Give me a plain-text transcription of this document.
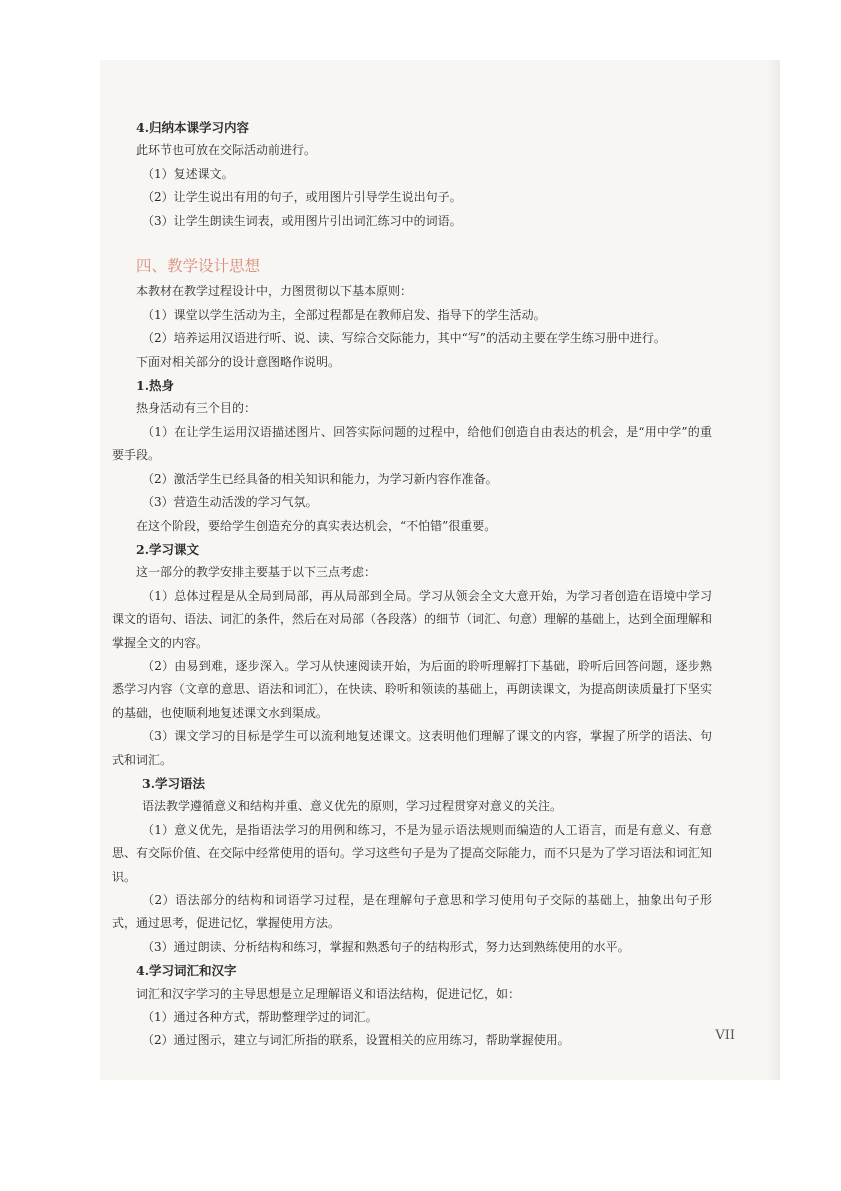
4.归纳本课学习内容

此环节也可放在交际活动前进行。

（1）复述课文。

（2）让学生说出有用的句子，或用图片引导学生说出句子。

（3）让学生朗读生词表，或用图片引出词汇练习中的词语。

四、教学设计思想

本教材在教学过程设计中，力图贯彻以下基本原则：

（1）课堂以学生活动为主，全部过程都是在教师启发、指导下的学生活动。

（2）培养运用汉语进行听、说、读、写综合交际能力，其中“写”的活动主要在学生练习册中进行。

下面对相关部分的设计意图略作说明。

1.热身

热身活动有三个目的：

（1）在让学生运用汉语描述图片、回答实际问题的过程中，给他们创造自由表达的机会，是“用中学”的重要手段。

（2）激活学生已经具备的相关知识和能力，为学习新内容作准备。

（3）营造生动活泼的学习气氛。

在这个阶段，要给学生创造充分的真实表达机会，“不怕错”很重要。

2.学习课文

这一部分的教学安排主要基于以下三点考虑：

（1）总体过程是从全局到局部，再从局部到全局。学习从领会全文大意开始，为学习者创造在语境中学习课文的语句、语法、词汇的条件，然后在对局部（各段落）的细节（词汇、句意）理解的基础上，达到全面理解和掌握全文的内容。

（2）由易到难，逐步深入。学习从快速阅读开始，为后面的聆听理解打下基础，聆听后回答问题，逐步熟悉学习内容（文章的意思、语法和词汇），在快读、聆听和领读的基础上，再朗读课文，为提高朗读质量打下坚实的基础，也使顺利地复述课文水到渠成。

（3）课文学习的目标是学生可以流利地复述课文。这表明他们理解了课文的内容，掌握了所学的语法、句式和词汇。

3.学习语法

语法教学遵循意义和结构并重、意义优先的原则，学习过程贯穿对意义的关注。

（1）意义优先，是指语法学习的用例和练习，不是为显示语法规则而编造的人工语言，而是有意义、有意思、有交际价值、在交际中经常使用的语句。学习这些句子是为了提高交际能力，而不只是为了学习语法和词汇知识。

（2）语法部分的结构和词语学习过程，是在理解句子意思和学习使用句子交际的基础上，抽象出句子形式，通过思考，促进记忆，掌握使用方法。

（3）通过朗读、分析结构和练习，掌握和熟悉句子的结构形式，努力达到熟练使用的水平。

4.学习词汇和汉字

词汇和汉字学习的主导思想是立足理解语义和语法结构，促进记忆，如：

（1）通过各种方式，帮助整理学过的词汇。

（2）通过图示，建立与词汇所指的联系，设置相关的应用练习，帮助掌握使用。	VII
